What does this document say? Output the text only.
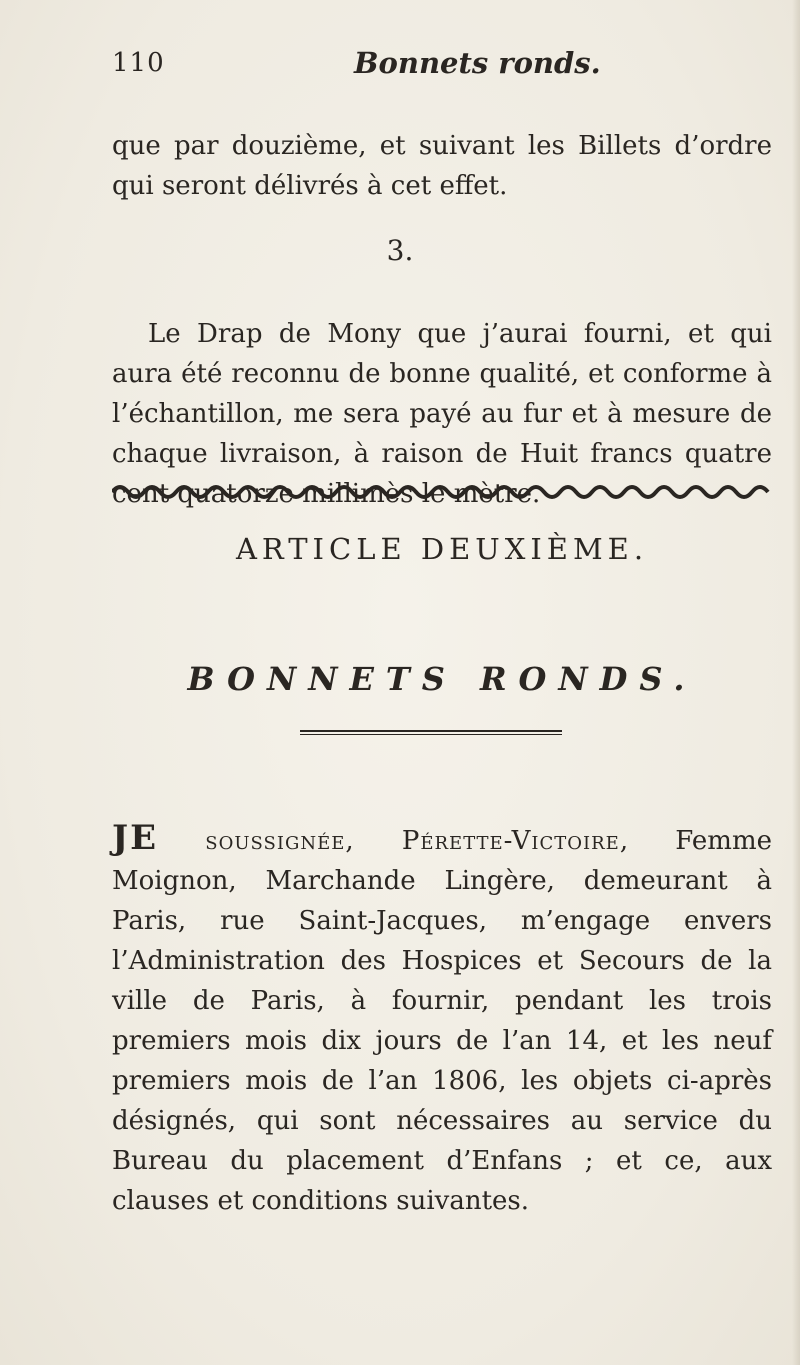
110	Bonnets ronds.

que par douzième, et suivant les Billets d’ordre qui seront délivrés à cet effet.

3.

Le Drap de Mony que j’aurai fourni, et qui aura été reconnu de bonne qualité, et conforme à l’échantillon, me sera payé au fur et à mesure de chaque livraison, à raison de Huit francs quatre cent quatorze millimès le mètre.

ARTICLE DEUXIÈME.
BONNETS RONDS.

JE soussignée, Pérette-Victoire, Femme Moignon, Marchande Lingère, demeurant à Paris, rue Saint-Jacques, m’engage envers l’Administration des Hospices et Secours de la ville de Paris, à fournir, pendant les trois premiers mois dix jours de l’an 14, et les neuf premiers mois de l’an 1806, les objets ci-après désignés, qui sont nécessaires au service du Bureau du placement d’Enfans ; et ce, aux clauses et conditions suivantes.
